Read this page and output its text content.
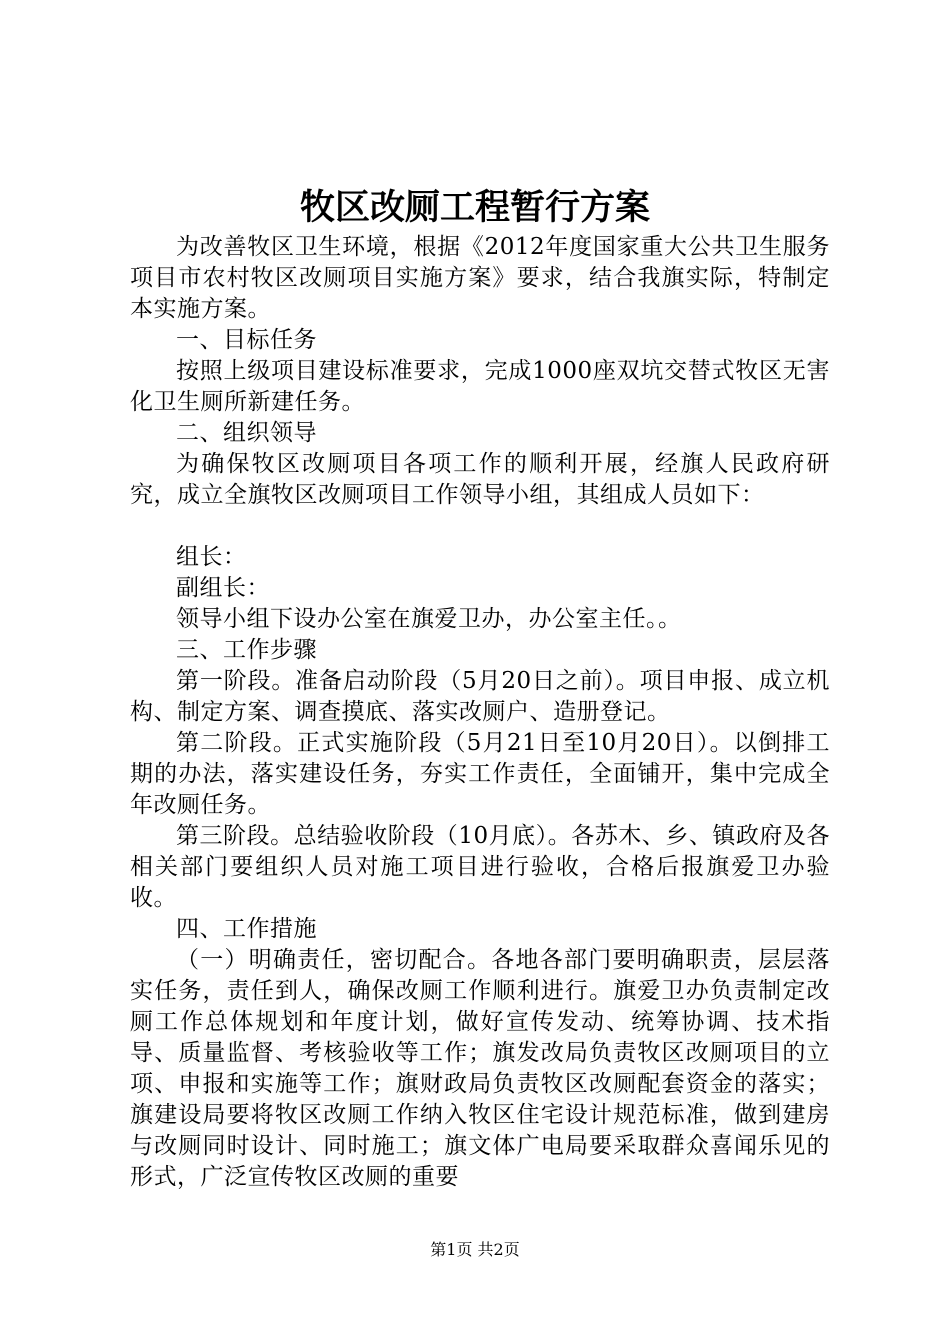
牧区改厕工程暂行方案

为改善牧区卫生环境，根据《2012年度国家重大公共卫生服务项目市农村牧区改厕项目实施方案》要求，结合我旗实际，特制定本实施方案。

一、目标任务

按照上级项目建设标准要求，完成1000座双坑交替式牧区无害化卫生厕所新建任务。

二、组织领导

为确保牧区改厕项目各项工作的顺利开展，经旗人民政府研究，成立全旗牧区改厕项目工作领导小组，其组成人员如下：

组长：

副组长：

领导小组下设办公室在旗爱卫办，办公室主任。。

三、工作步骤

第一阶段。准备启动阶段（5月20日之前）。项目申报、成立机构、制定方案、调查摸底、落实改厕户、造册登记。

第二阶段。正式实施阶段（5月21日至10月20日）。以倒排工期的办法，落实建设任务，夯实工作责任，全面铺开，集中完成全年改厕任务。

第三阶段。总结验收阶段（10月底）。各苏木、乡、镇政府及各相关部门要组织人员对施工项目进行验收，合格后报旗爱卫办验收。

四、工作措施

（一）明确责任，密切配合。各地各部门要明确职责，层层落实任务，责任到人，确保改厕工作顺利进行。旗爱卫办负责制定改厕工作总体规划和年度计划，做好宣传发动、统筹协调、技术指导、质量监督、考核验收等工作；旗发改局负责牧区改厕项目的立项、申报和实施等工作；旗财政局负责牧区改厕配套资金的落实；旗建设局要将牧区改厕工作纳入牧区住宅设计规范标准，做到建房与改厕同时设计、同时施工；旗文体广电局要采取群众喜闻乐见的形式，广泛宣传牧区改厕的重要

第1页 共2页
